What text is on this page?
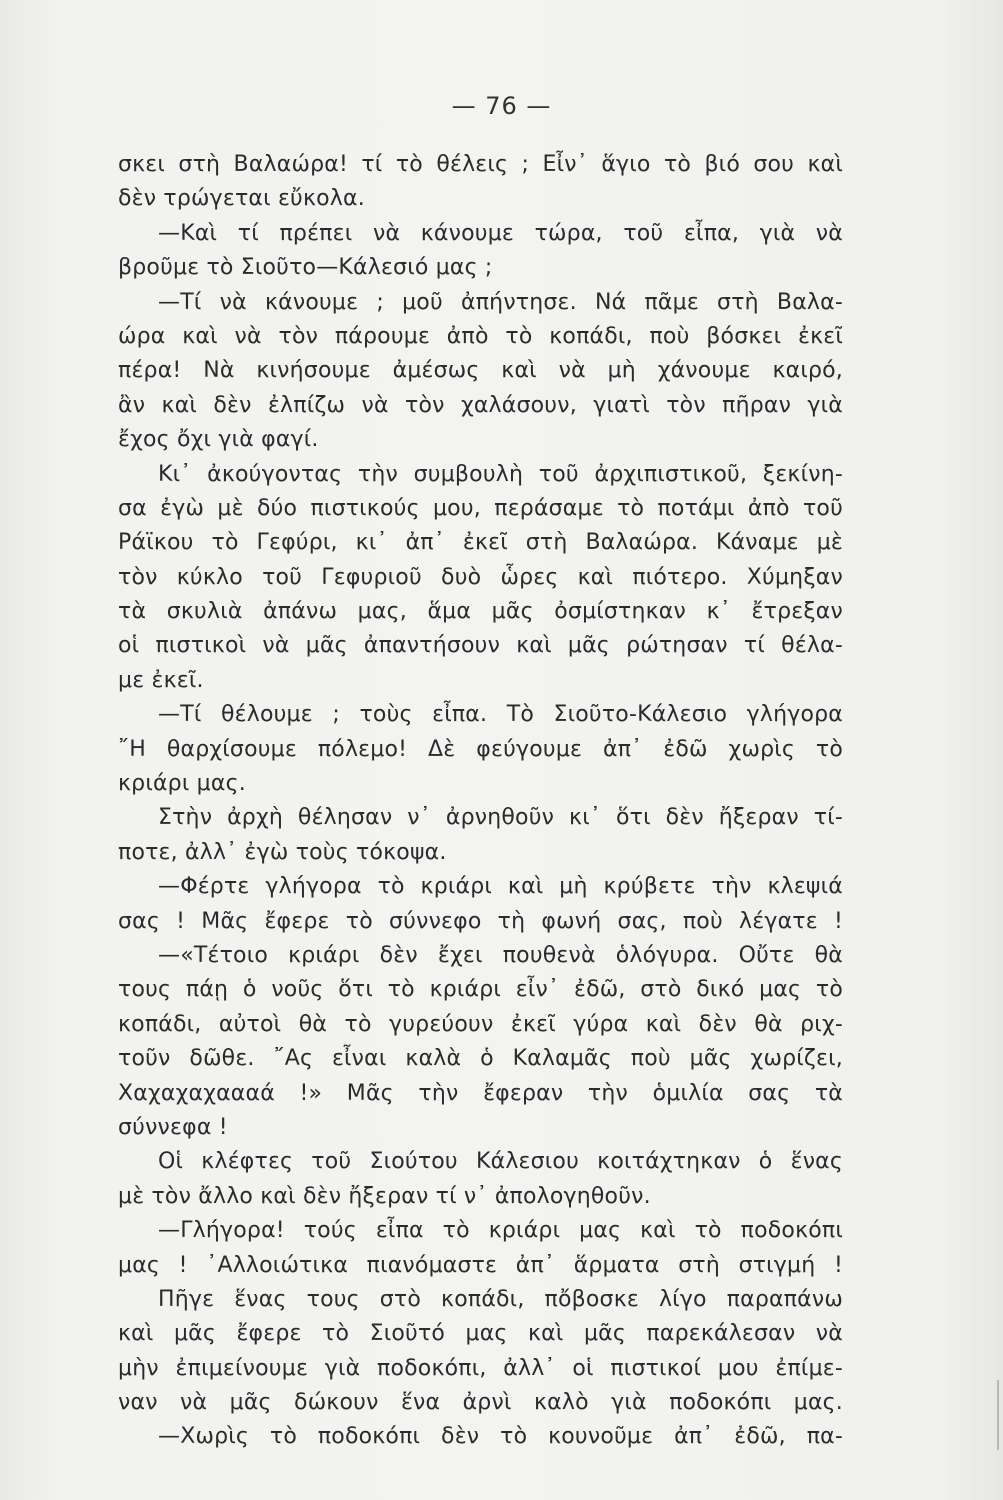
— 76 —
σκει στὴ Βαλαώρα! τί τὸ θέλεις ; Εἶν᾿ ἅγιο τὸ βιό σου καὶ
δὲν τρώγεται εὔκολα.
—Καὶ τί πρέπει νὰ κάνουμε τώρα, τοῦ εἶπα, γιὰ νὰ
βροῦμε τὸ Σιοῦτο—Κάλεσιό μας ;
—Τί νὰ κάνουμε ; μοῦ ἀπήντησε. Νά πᾶμε στὴ Βαλα-
ώρα καὶ νὰ τὸν πάρουμε ἀπὸ τὸ κοπάδι, ποὺ βόσκει ἐκεῖ
πέρα! Νὰ κινήσουμε ἀμέσως καὶ νὰ μὴ χάνουμε καιρό,
ἂν καὶ δὲν ἐλπίζω νὰ τὸν χαλάσουν, γιατὶ τὸν πῆραν γιὰ
ἔχος ὄχι γιὰ φαγί.
Κι᾿ ἀκούγοντας τὴν συμβουλὴ τοῦ ἀρχιπιστικοῦ, ξεκίνη-
σα ἐγὼ μὲ δύο πιστικούς μου, περάσαμε τὸ ποτάμι ἀπὸ τοῦ
Ράϊκου τὸ Γεφύρι, κι᾿ ἀπ᾿ ἐκεῖ στὴ Βαλαώρα. Κάναμε μὲ
τὸν κύκλο τοῦ Γεφυριοῦ δυὸ ὧρες καὶ πιότερο. Χύμηξαν
τὰ σκυλιὰ ἀπάνω μας, ἅμα μᾶς ὀσμίστηκαν κ᾿ ἔτρεξαν
οἱ πιστικοὶ νὰ μᾶς ἀπαντήσουν καὶ μᾶς ρώτησαν τί θέλα-
με ἐκεῖ.
—Τί θέλουμε ; τοὺς εἶπα. Τὸ Σιοῦτο-Κάλεσιο γλήγορα
῎Η θαρχίσουμε πόλεμο! Δὲ φεύγουμε ἀπ᾿ ἐδῶ χωρὶς τὸ
κριάρι μας.
Στὴν ἀρχὴ θέλησαν ν᾿ ἀρνηθοῦν κι᾿ ὅτι δὲν ἤξεραν τί-
ποτε, ἀλλ᾿ ἐγὼ τοὺς τόκοψα.
—Φέρτε γλήγορα τὸ κριάρι καὶ μὴ κρύβετε τὴν κλεψιά
σας ! Μᾶς ἔφερε τὸ σύννεφο τὴ φωνή σας, ποὺ λέγατε !
—«Τέτοιο κριάρι δὲν ἔχει πουθενὰ ὁλόγυρα. Οὔτε θὰ
τους πάῃ ὁ νοῦς ὅτι τὸ κριάρι εἶν᾿ ἐδῶ, στὸ δικό μας τὸ
κοπάδι, αὐτοὶ θὰ τὸ γυρεύουν ἐκεῖ γύρα καὶ δὲν θὰ ριχ-
τοῦν δῶθε. ῎Ας εἶναι καλὰ ὁ Καλαμᾶς ποὺ μᾶς χωρίζει,
Χαχαχαχαααά !» Μᾶς τὴν ἔφεραν τὴν ὁμιλία σας τὰ
σύννεφα !
Οἱ κλέφτες τοῦ Σιούτου Κάλεσιου κοιτάχτηκαν ὁ ἕνας
μὲ τὸν ἄλλο καὶ δὲν ἤξεραν τί ν᾿ ἀπολογηθοῦν.
—Γλήγορα! τούς εἶπα τὸ κριάρι μας καὶ τὸ ποδοκόπι
μας ! ᾿Αλλοιώτικα πιανόμαστε ἀπ᾿ ἅρματα στὴ στιγμή !
Πῆγε ἕνας τους στὸ κοπάδι, πὄβοσκε λίγο παραπάνω
καὶ μᾶς ἔφερε τὸ Σιοῦτό μας καὶ μᾶς παρεκάλεσαν νὰ
μὴν ἐπιμείνουμε γιὰ ποδοκόπι, ἀλλ᾿ οἱ πιστικοί μου ἐπίμε-
ναν νὰ μᾶς δώκουν ἕνα ἀρνὶ καλὸ γιὰ ποδοκόπι μας.
—Χωρὶς τὸ ποδοκόπι δὲν τὸ κουνοῦμε ἀπ᾿ ἐδῶ, πα-
